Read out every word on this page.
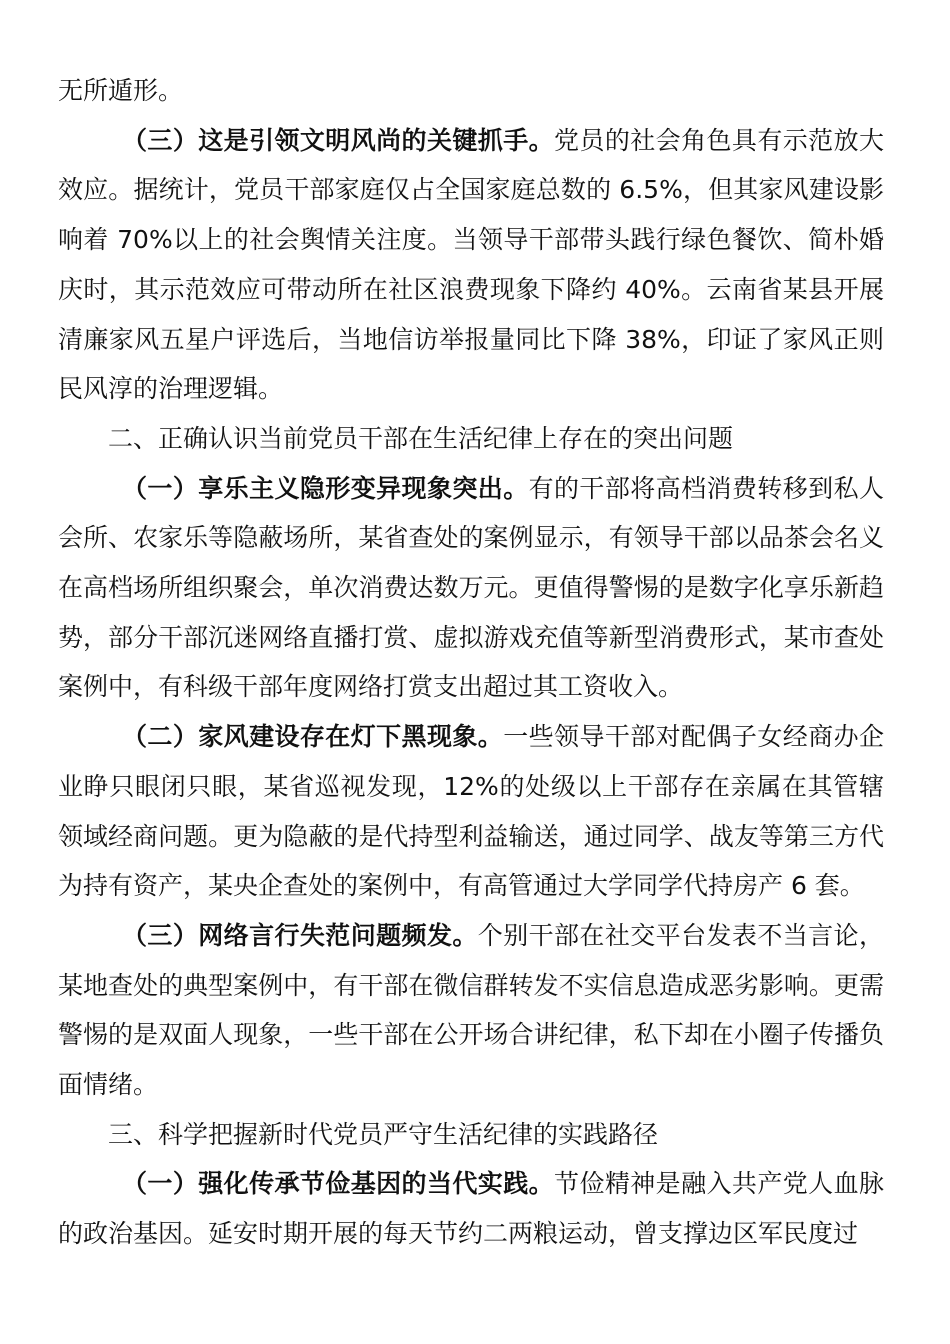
无所遁形。

（三）这是引领文明风尚的关键抓手。党员的社会角色具有示范放大效应。据统计，党员干部家庭仅占全国家庭总数的 6.5%，但其家风建设影响着 70%以上的社会舆情关注度。当领导干部带头践行绿色餐饮、简朴婚庆时，其示范效应可带动所在社区浪费现象下降约 40%。云南省某县开展清廉家风五星户评选后，当地信访举报量同比下降 38%，印证了家风正则民风淳的治理逻辑。

二、正确认识当前党员干部在生活纪律上存在的突出问题

（一）享乐主义隐形变异现象突出。有的干部将高档消费转移到私人会所、农家乐等隐蔽场所，某省查处的案例显示，有领导干部以品茶会名义在高档场所组织聚会，单次消费达数万元。更值得警惕的是数字化享乐新趋势，部分干部沉迷网络直播打赏、虚拟游戏充值等新型消费形式，某市查处案例中，有科级干部年度网络打赏支出超过其工资收入。

（二）家风建设存在灯下黑现象。一些领导干部对配偶子女经商办企业睁只眼闭只眼，某省巡视发现，12%的处级以上干部存在亲属在其管辖领域经商问题。更为隐蔽的是代持型利益输送，通过同学、战友等第三方代为持有资产，某央企查处的案例中，有高管通过大学同学代持房产 6 套。

（三）网络言行失范问题频发。个别干部在社交平台发表不当言论，某地查处的典型案例中，有干部在微信群转发不实信息造成恶劣影响。更需警惕的是双面人现象，一些干部在公开场合讲纪律，私下却在小圈子传播负面情绪。

三、科学把握新时代党员严守生活纪律的实践路径

（一）强化传承节俭基因的当代实践。节俭精神是融入共产党人血脉的政治基因。延安时期开展的每天节约二两粮运动，曾支撑边区军民度过
